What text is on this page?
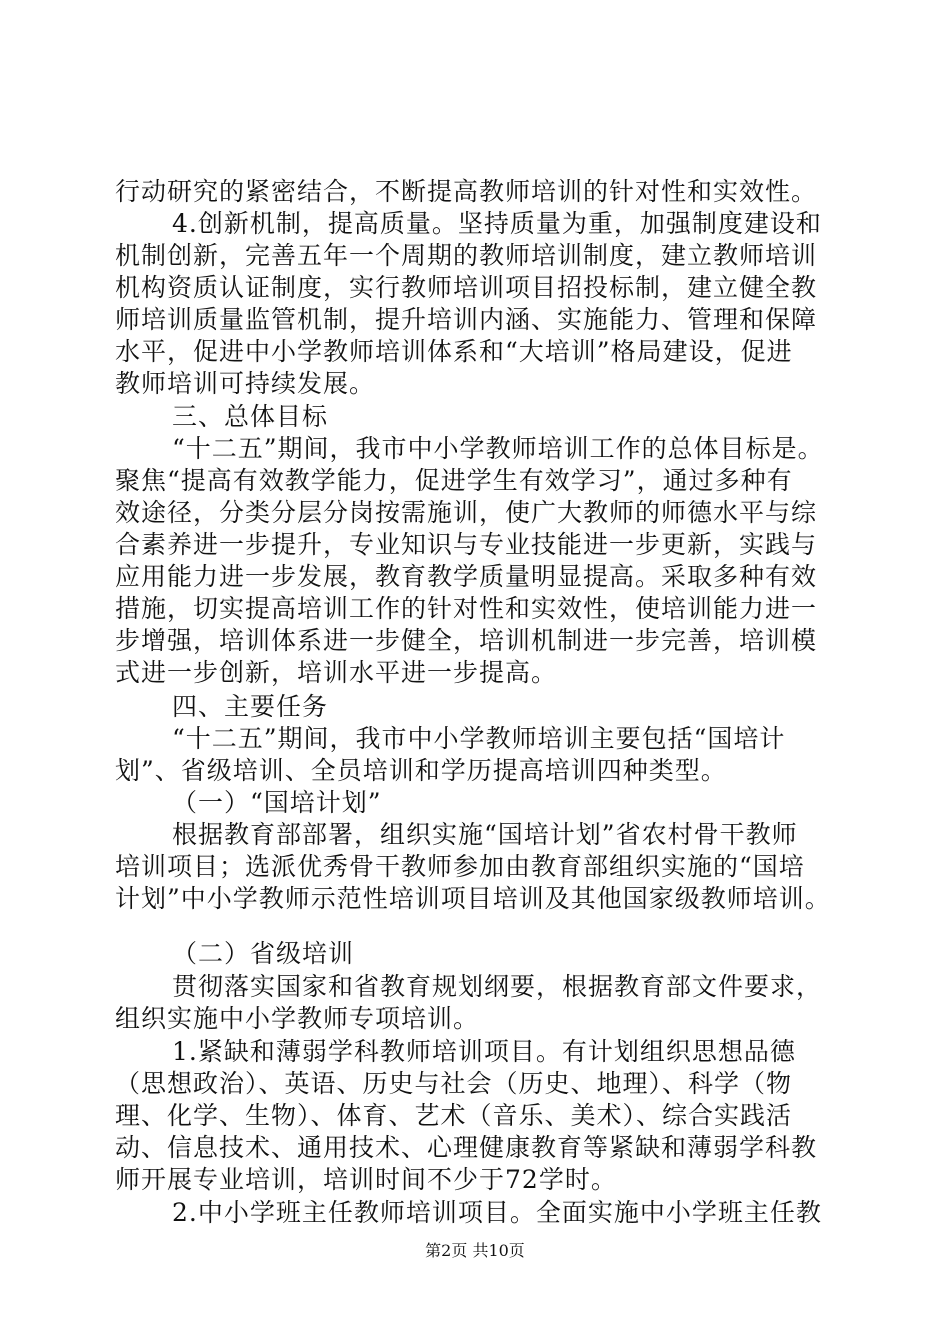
行动研究的紧密结合，不断提高教师培训的针对性和实效性。
4.创新机制，提高质量。坚持质量为重，加强制度建设和
机制创新，完善五年一个周期的教师培训制度，建立教师培训
机构资质认证制度，实行教师培训项目招投标制，建立健全教
师培训质量监管机制，提升培训内涵、实施能力、管理和保障
水平，促进中小学教师培训体系和“大培训”格局建设，促进
教师培训可持续发展。
三、总体目标
“十二五”期间，我市中小学教师培训工作的总体目标是。
聚焦“提高有效教学能力，促进学生有效学习”，通过多种有
效途径，分类分层分岗按需施训，使广大教师的师德水平与综
合素养进一步提升，专业知识与专业技能进一步更新，实践与
应用能力进一步发展，教育教学质量明显提高。采取多种有效
措施，切实提高培训工作的针对性和实效性，使培训能力进一
步增强，培训体系进一步健全，培训机制进一步完善，培训模
式进一步创新，培训水平进一步提高。
四、主要任务
“十二五”期间，我市中小学教师培训主要包括“国培计
划”、省级培训、全员培训和学历提高培训四种类型。
（一）“国培计划”
根据教育部部署，组织实施“国培计划”省农村骨干教师
培训项目；选派优秀骨干教师参加由教育部组织实施的“国培
计划”中小学教师示范性培训项目培训及其他国家级教师培训。
（二）省级培训
贯彻落实国家和省教育规划纲要，根据教育部文件要求，
组织实施中小学教师专项培训。
1.紧缺和薄弱学科教师培训项目。有计划组织思想品德
（思想政治）、英语、历史与社会（历史、地理）、科学（物
理、化学、生物）、体育、艺术（音乐、美术）、综合实践活
动、信息技术、通用技术、心理健康教育等紧缺和薄弱学科教
师开展专业培训，培训时间不少于72学时。
2.中小学班主任教师培训项目。全面实施中小学班主任教
第2页 共10页
